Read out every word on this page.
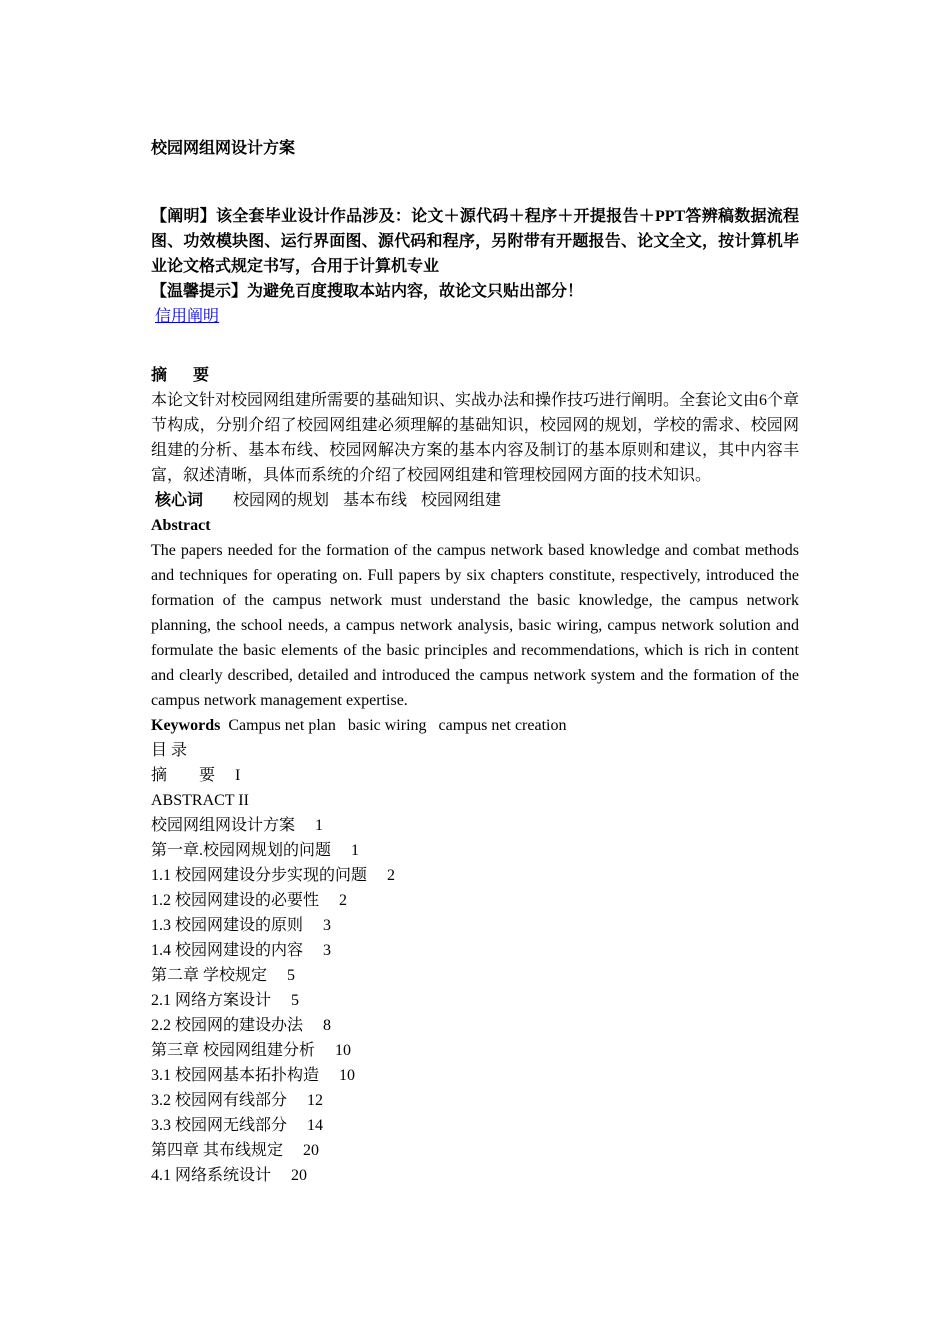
校园网组网设计方案
【阐明】该全套毕业设计作品涉及：论文＋源代码＋程序＋开提报告＋PPT答辨稿数据流程图、功效模块图、运行界面图、源代码和程序，另附带有开题报告、论文全文，按计算机毕业论文格式规定书写，合用于计算机专业
【温馨提示】为避免百度搜取本站内容，故论文只贴出部分！
信用阐明
摘 要
本论文针对校园网组建所需要的基础知识、实战办法和操作技巧进行阐明。全套论文由6个章节构成，分别介绍了校园网组建必须理解的基础知识，校园网的规划，学校的需求、校园网组建的分析、基本布线、校园网解决方案的基本内容及制订的基本原则和建议，其中内容丰富，叙述清晰，具体而系统的介绍了校园网组建和管理校园网方面的技术知识。
核心词 校园网的规划 基本布线 校园网组建
Abstract
The papers needed for the formation of the campus network based knowledge and combat methods and techniques for operating on. Full papers by six chapters constitute, respectively, introduced the formation of the campus network must understand the basic knowledge, the campus network planning, the school needs, a campus network analysis, basic wiring, campus network solution and formulate the basic elements of the basic principles and recommendations, which is rich in content and clearly described, detailed and introduced the campus network system and the formation of the campus network management expertise.
Keywords Campus net plan basic wiring campus net creation
目 录
摘　　要　 I
ABSTRACT II
校园网组网设计方案　 1
第一章.校园网规划的问题　 1
1.1 校园网建设分步实现的问题　 2
1.2 校园网建设的必要性　 2
1.3 校园网建设的原则　 3
1.4 校园网建设的内容　 3
第二章 学校规定　 5
2.1 网络方案设计　 5
2.2 校园网的建设办法　 8
第三章 校园网组建分析　 10
3.1 校园网基本拓扑构造　 10
3.2 校园网有线部分　 12
3.3 校园网无线部分　 14
第四章 其布线规定　 20
4.1 网络系统设计　 20
